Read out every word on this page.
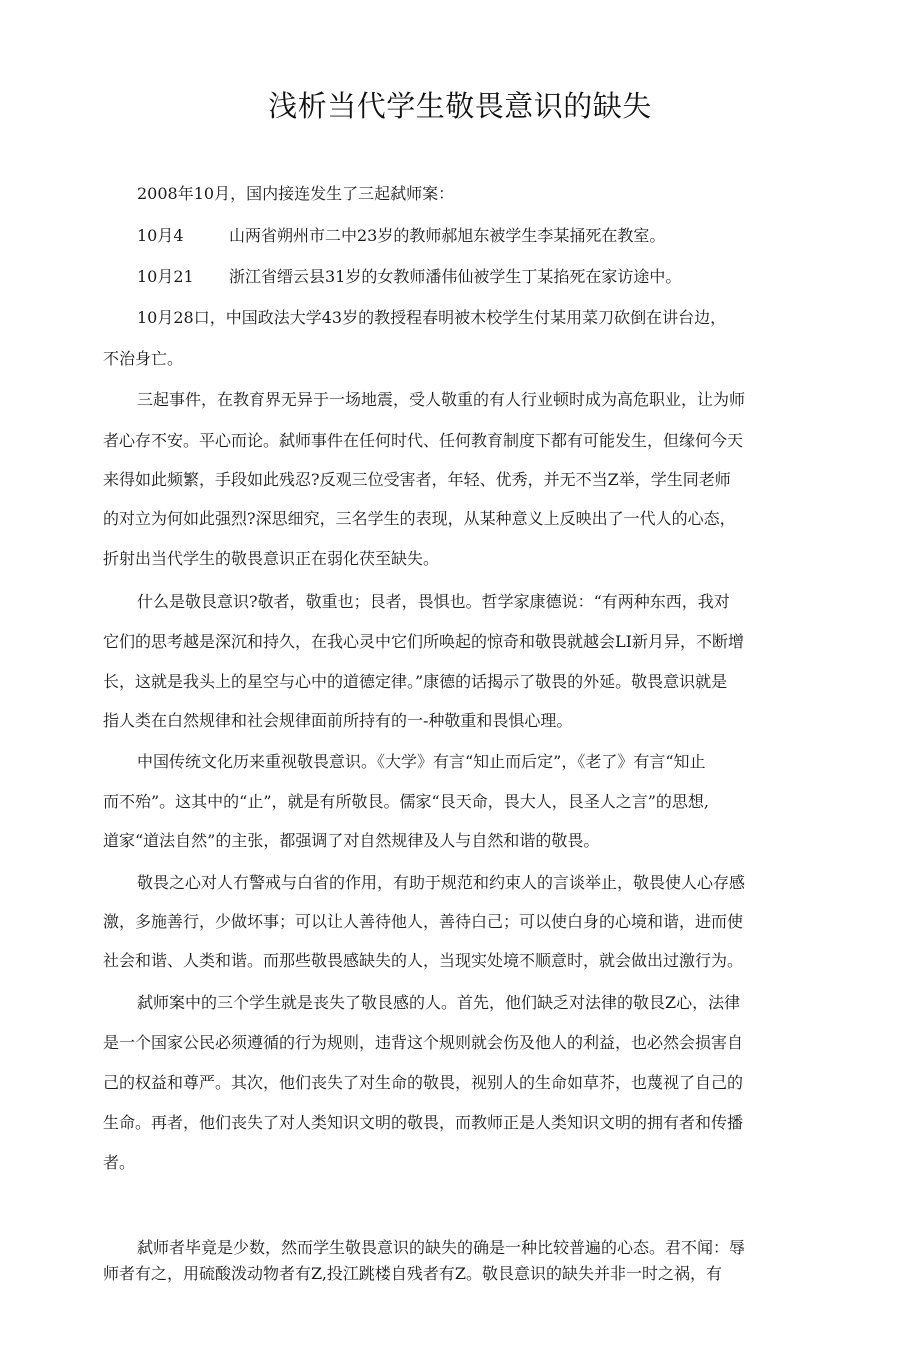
浅析当代学生敬畏意识的缺失
2008年10月，国内接连发生了三起弑师案：
10月4	山两省朔州市二中23岁的教师郝旭东被学生李某捅死在教室。
10月21 浙江省缙云县31岁的女教师潘伟仙被学生丁某掐死在家访途中。
10月28口，中国政法大学43岁的教授程春明被木校学生付某用菜刀砍倒在讲台边，
不治身亡。
三起事件，在教育界无异于一场地震，受人敬重的有人行业顿时成为高危职业，让为师
者心存不安。平心而论。弑师事件在任何时代、任何教育制度下都有可能发生，但缘何今天
来得如此频繁，手段如此残忍?反观三位受害者，年轻、优秀，并无不当Z举，学生同老师
的对立为何如此强烈?深思细究，三名学生的表现，从某种意义上反映出了一代人的心态，
折射出当代学生的敬畏意识正在弱化茯至缺失。
什么是敬艮意识?敬者，敬重也；艮者，畏惧也。哲学家康德说：“有两种东西，我对
它们的思考越是深沉和持久，在我心灵中它们所唤起的惊奇和敬畏就越会LI新月异，不断增
长，这就是我头上的星空与心中的道德定律。”康德的话揭示了敬畏的外延。敬畏意识就是
指人类在白然规律和社会规律面前所持有的一-种敬重和畏惧心理。
中国传统文化历来重视敬畏意识。《大学》有言“知止而后定”，《老了》有言“知止
而不殆”。这其中的“止”，就是有所敬艮。儒家“艮天命，畏大人，艮圣人之言”的思想,
道家“道法自然”的主张，都强调了对自然规律及人与自然和谐的敬畏。
敬畏之心对人冇警戒与白省的作用，有助于规范和约束人的言谈举止，敬畏使人心存感
激，多施善行，少做坏事；可以让人善待他人，善待白己；可以使白身的心境和谐，进而使
社会和谐、人类和谐。而那些敬畏感缺失的人，当现实处境不顺意时，就会做出过激行为。
弑师案中的三个学生就是丧失了敬艮感的人。首先，他们缺乏对法律的敬艮Z心，法律
是一个国家公民必须遵循的行为规则，违背这个规则就会伤及他人的利益，也必然会损害自
己的权益和尊严。其次，他们丧失了对生命的敬畏，视别人的生命如草芥，也蔑视了自己的
生命。再者，他们丧失了对人类知识文明的敬畏，而教师正是人类知识文明的拥有者和传播
者。
弑师者毕竟是少数，然而学生敬畏意识的缺失的确是一种比较普遍的心态。君不闻：辱
师者有之，用硫酸泼动物者有Z,投江跳楼自残者有Z。敬艮意识的缺失并非一时之祸，有
